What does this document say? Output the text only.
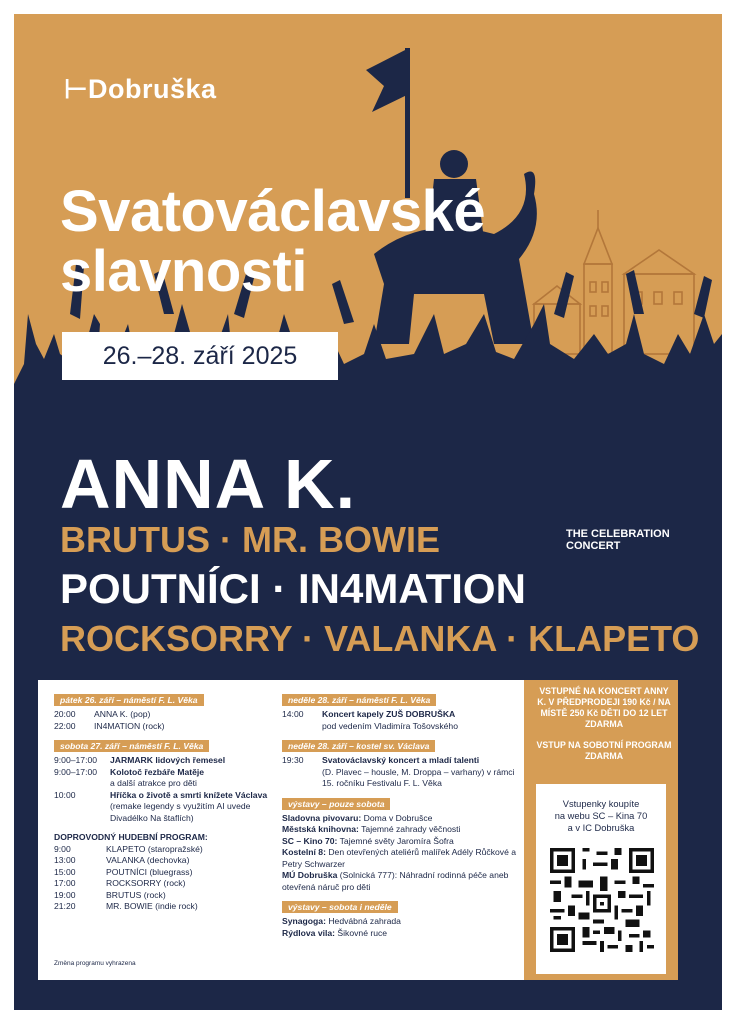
⊢Dobruška
Svatováclavské
slavnosti
26.–28. září 2025
ANNA K.
BRUTUS · MR. BOWIE	THE CELEBRATION
CONCERT
POUTNÍCI · IN4MATION
ROCKSORRY · VALANKA · KLAPETO
pátek 26. září – náměstí F. L. Věka
20:00	ANNA K. (pop)
22:00	IN4MATION (rock)
sobota 27. září – náměstí F. L. Věka
9:00–17:00	JARMARK lidových řemesel
9:00–17:00	Kolotoč řezbáře Matěje
a další atrakce pro děti
10:00	Hříčka o životě a smrti knížete Václava (remake legendy s využitím AI uvede Divadélko Na štaflích)
DOPROVODNÝ HUDEBNÍ PROGRAM:
9:00	KLAPETO (staropražské)
13:00	VALANKA (dechovka)
15:00	POUTNÍCI (bluegrass)
17:00	ROCKSORRY (rock)
19:00	BRUTUS (rock)
21:20	MR. BOWIE (indie rock)
neděle 28. září – náměstí F. L. Věka
14:00	Koncert kapely ZUŠ DOBRUŠKA
pod vedením Vladimíra Tošovského
neděle 28. září – kostel sv. Václava
19:30	Svatováclavský koncert a mladí talenti
(D. Plavec – housle, M. Droppa – varhany) v rámci 15. ročníku Festivalu F. L. Věka
výstavy – pouze sobota
Sladovna pivovaru: Doma v Dobrušce
Městská knihovna: Tajemné zahrady věčnosti
SC – Kino 70: Tajemné světy Jaromíra Šofra
Kostelní 8: Den otevřených ateliérů malířek Adély Růčkové a Petry Schwarzer
MÚ Dobruška (Solnická 777): Náhradní rodinná péče aneb otevřená náruč pro děti
výstavy – sobota i neděle
Synagoga: Hedvábná zahrada
Rýdlova vila: Šikovné ruce
Změna programu vyhrazena

VSTUPNÉ NA KONCERT ANNY K. V PŘEDPRODEJI 190 Kč / NA MÍSTĚ 250 Kč DĚTI DO 12 LET ZDARMA

VSTUP NA SOBOTNÍ PROGRAM ZDARMA

Vstupenky koupíte
na webu SC – Kina 70
a v IC Dobruška
